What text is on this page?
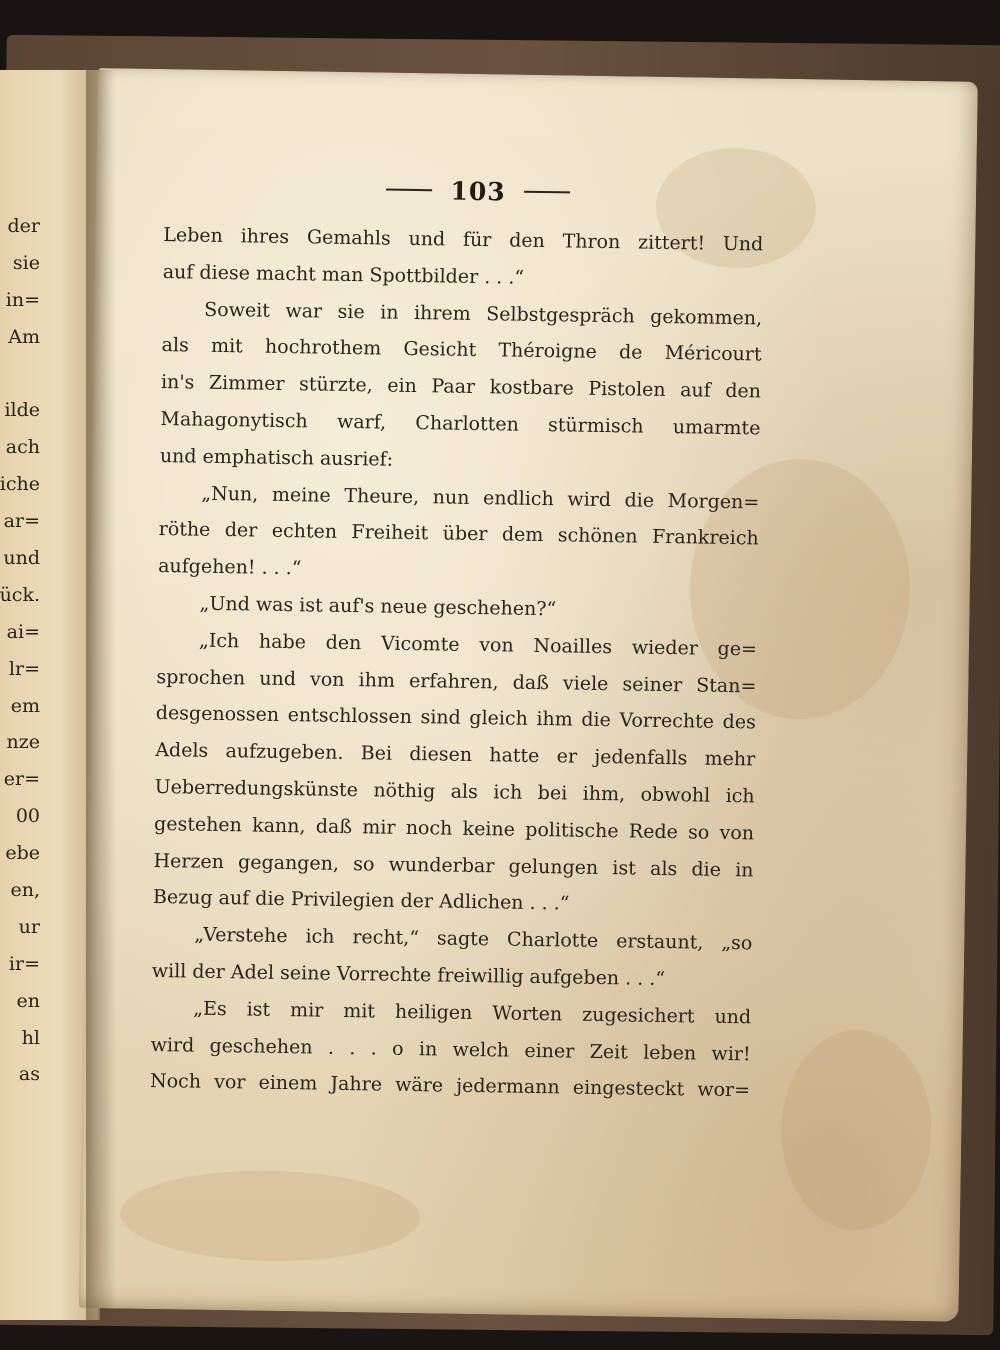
der
sie
in=
Am
ilde
ach
iche
ar=
und
ück.
ai=
lr=
em
nze
er=
00
ebe
en,
ur
ir=
en
hl
as
103
Leben ihres Gemahls und für den Thron zittert! Und
auf diese macht man Spottbilder . . .“
Soweit war sie in ihrem Selbstgespräch gekommen,
als mit hochrothem Gesicht Théroigne de Méricourt
in's Zimmer stürzte, ein Paar kostbare Pistolen auf den
Mahagonytisch warf, Charlotten stürmisch umarmte
und emphatisch ausrief:
„Nun, meine Theure, nun endlich wird die Morgen=
röthe der echten Freiheit über dem schönen Frankreich
aufgehen! . . .“
„Und was ist auf's neue geschehen?“
„Ich habe den Vicomte von Noailles wieder ge=
sprochen und von ihm erfahren, daß viele seiner Stan=
desgenossen entschlossen sind gleich ihm die Vorrechte des
Adels aufzugeben. Bei diesen hatte er jedenfalls mehr
Ueberredungskünste nöthig als ich bei ihm, obwohl ich
gestehen kann, daß mir noch keine politische Rede so von
Herzen gegangen, so wunderbar gelungen ist als die in
Bezug auf die Privilegien der Adlichen . . .“
„Verstehe ich recht,“ sagte Charlotte erstaunt, „so
will der Adel seine Vorrechte freiwillig aufgeben . . .“
„Es ist mir mit heiligen Worten zugesichert und
wird geschehen . . . o in welch einer Zeit leben wir!
Noch vor einem Jahre wäre jedermann eingesteckt wor=
